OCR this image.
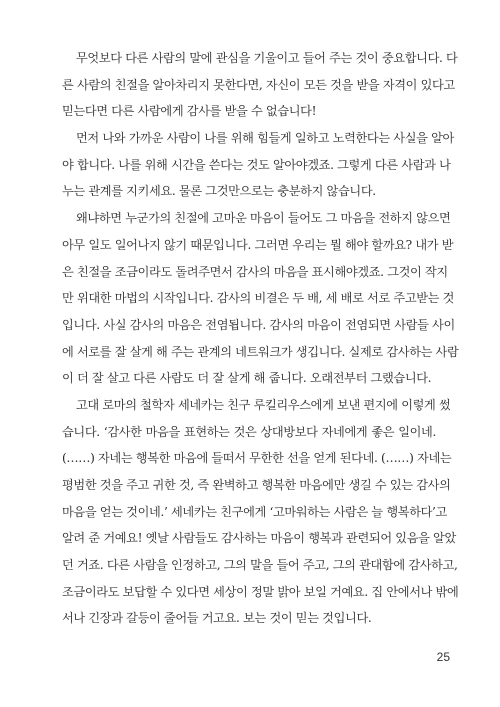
무엇보다 다른 사람의 말에 관심을 기울이고 들어 주는 것이 중요합니다. 다
른 사람의 친절을 알아차리지 못한다면, 자신이 모든 것을 받을 자격이 있다고
믿는다면 다른 사람에게 감사를 받을 수 없습니다!
먼저 나와 가까운 사람이 나를 위해 힘들게 일하고 노력한다는 사실을 알아
야 합니다. 나를 위해 시간을 쓴다는 것도 알아야겠죠. 그렇게 다른 사람과 나
누는 관계를 지키세요. 물론 그것만으로는 충분하지 않습니다.
왜냐하면 누군가의 친절에 고마운 마음이 들어도 그 마음을 전하지 않으면
아무 일도 일어나지 않기 때문입니다. 그러면 우리는 뭘 해야 할까요? 내가 받
은 친절을 조금이라도 돌려주면서 감사의 마음을 표시해야겠죠. 그것이 작지
만 위대한 마법의 시작입니다. 감사의 비결은 두 배, 세 배로 서로 주고받는 것
입니다. 사실 감사의 마음은 전염됩니다. 감사의 마음이 전염되면 사람들 사이
에 서로를 잘 살게 해 주는 관계의 네트워크가 생깁니다. 실제로 감사하는 사람
이 더 잘 살고 다른 사람도 더 잘 살게 해 줍니다. 오래전부터 그랬습니다.
고대 로마의 철학자 세네카는 친구 루킬리우스에게 보낸 편지에 이렇게 썼
습니다. ‘감사한 마음을 표현하는 것은 상대방보다 자네에게 좋은 일이네.
(……) 자네는 행복한 마음에 들떠서 무한한 선을 얻게 된다네. (……) 자네는
평범한 것을 주고 귀한 것, 즉 완벽하고 행복한 마음에만 생길 수 있는 감사의
마음을 얻는 것이네.’ 세네카는 친구에게 ‘고마워하는 사람은 늘 행복하다’고
알려 준 거예요! 옛날 사람들도 감사하는 마음이 행복과 관련되어 있음을 알았
던 거죠. 다른 사람을 인정하고, 그의 말을 들어 주고, 그의 관대함에 감사하고,
조금이라도 보답할 수 있다면 세상이 정말 밝아 보일 거예요. 집 안에서나 밖에
서나 긴장과 갈등이 줄어들 거고요. 보는 것이 믿는 것입니다.
25
